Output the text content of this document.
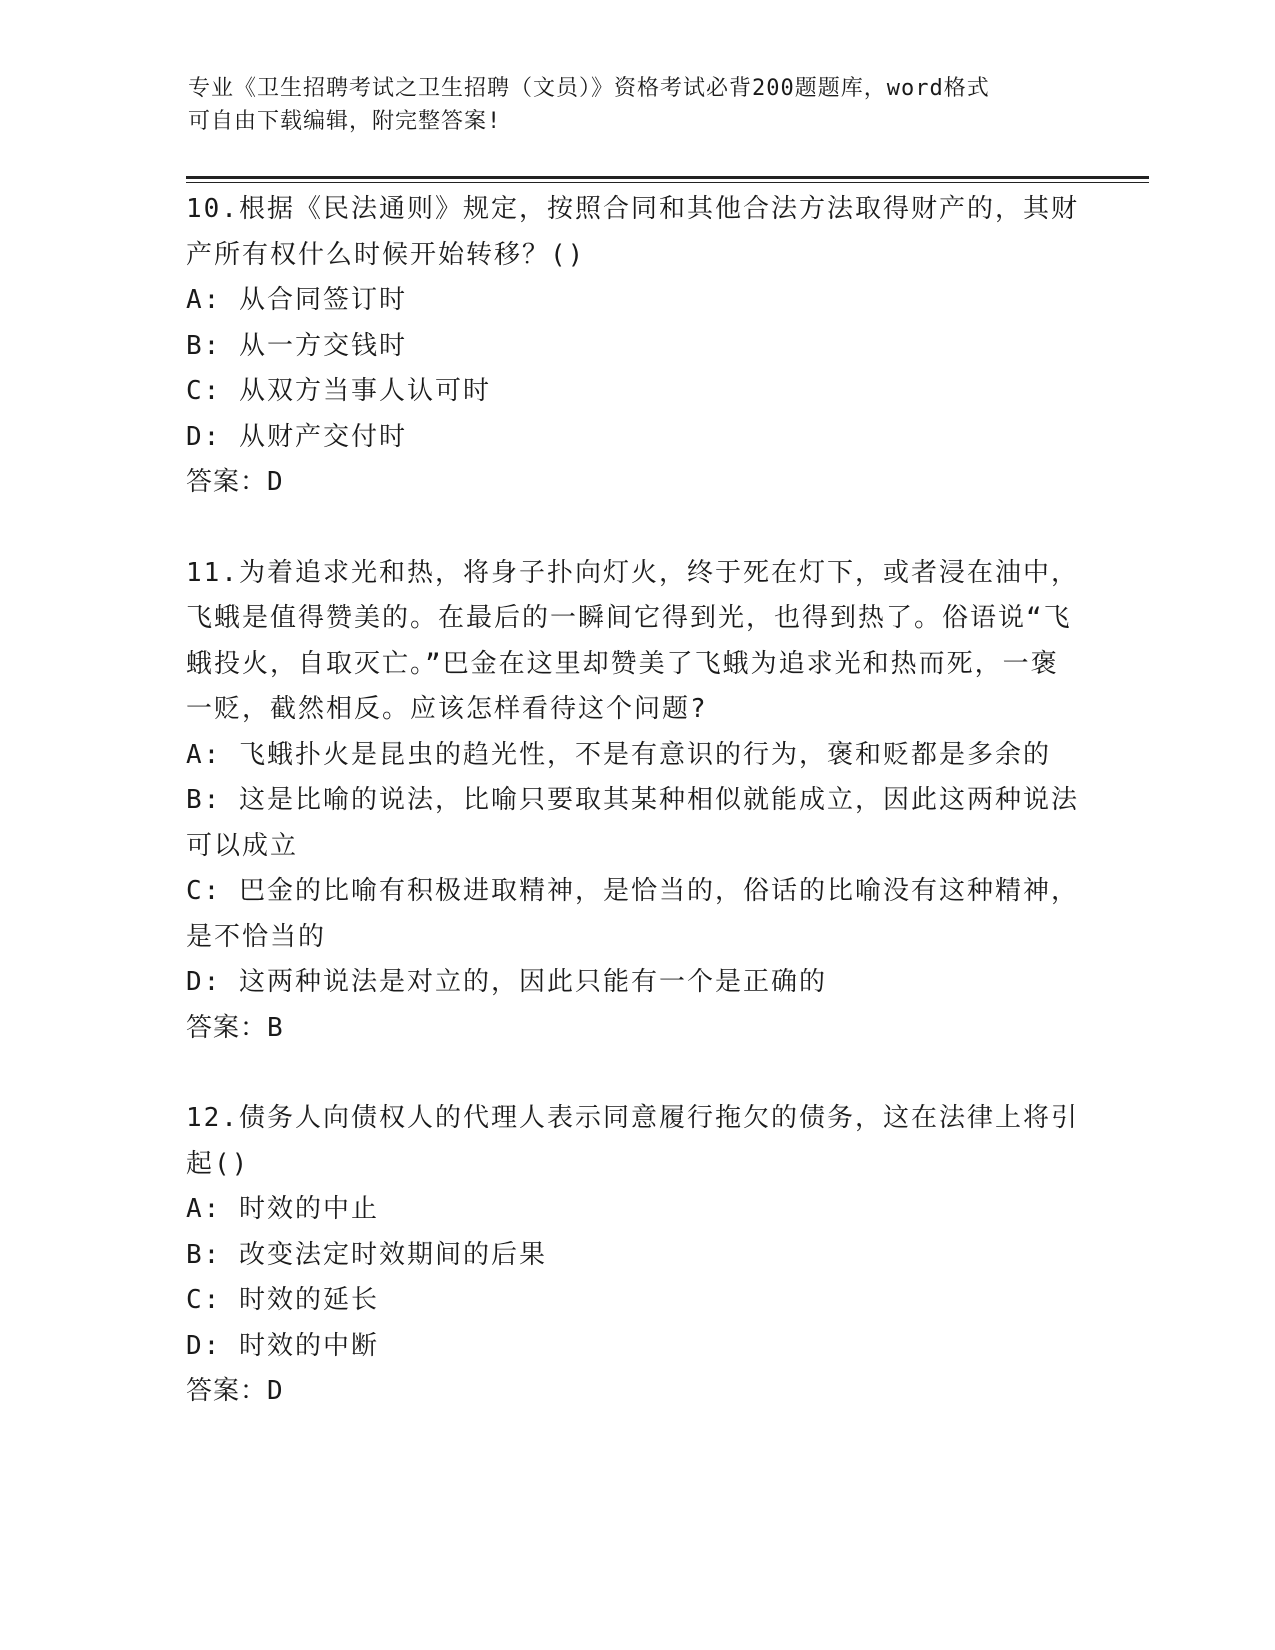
专业《卫生招聘考试之卫生招聘（文员）》资格考试必背200题题库，word格式
可自由下载编辑，附完整答案!

10.根据《民法通则》规定，按照合同和其他合法方法取得财产的，其财产所有权什么时候开始转移？()

A: 从合同签订时

B: 从一方交钱时

C: 从双方当事人认可时

D: 从财产交付时

答案：D

11.为着追求光和热，将身子扑向灯火，终于死在灯下，或者浸在油中，飞蛾是值得赞美的。在最后的一瞬间它得到光，也得到热了。俗语说“飞蛾投火，自取灭亡。”巴金在这里却赞美了飞蛾为追求光和热而死，一褒一贬，截然相反。应该怎样看待这个问题?

A: 飞蛾扑火是昆虫的趋光性，不是有意识的行为，褒和贬都是多余的

B: 这是比喻的说法，比喻只要取其某种相似就能成立，因此这两种说法可以成立

C: 巴金的比喻有积极进取精神，是恰当的，俗话的比喻没有这种精神，是不恰当的

D: 这两种说法是对立的，因此只能有一个是正确的

答案：B

12.债务人向债权人的代理人表示同意履行拖欠的债务，这在法律上将引起()

A: 时效的中止

B: 改变法定时效期间的后果

C: 时效的延长

D: 时效的中断

答案：D
